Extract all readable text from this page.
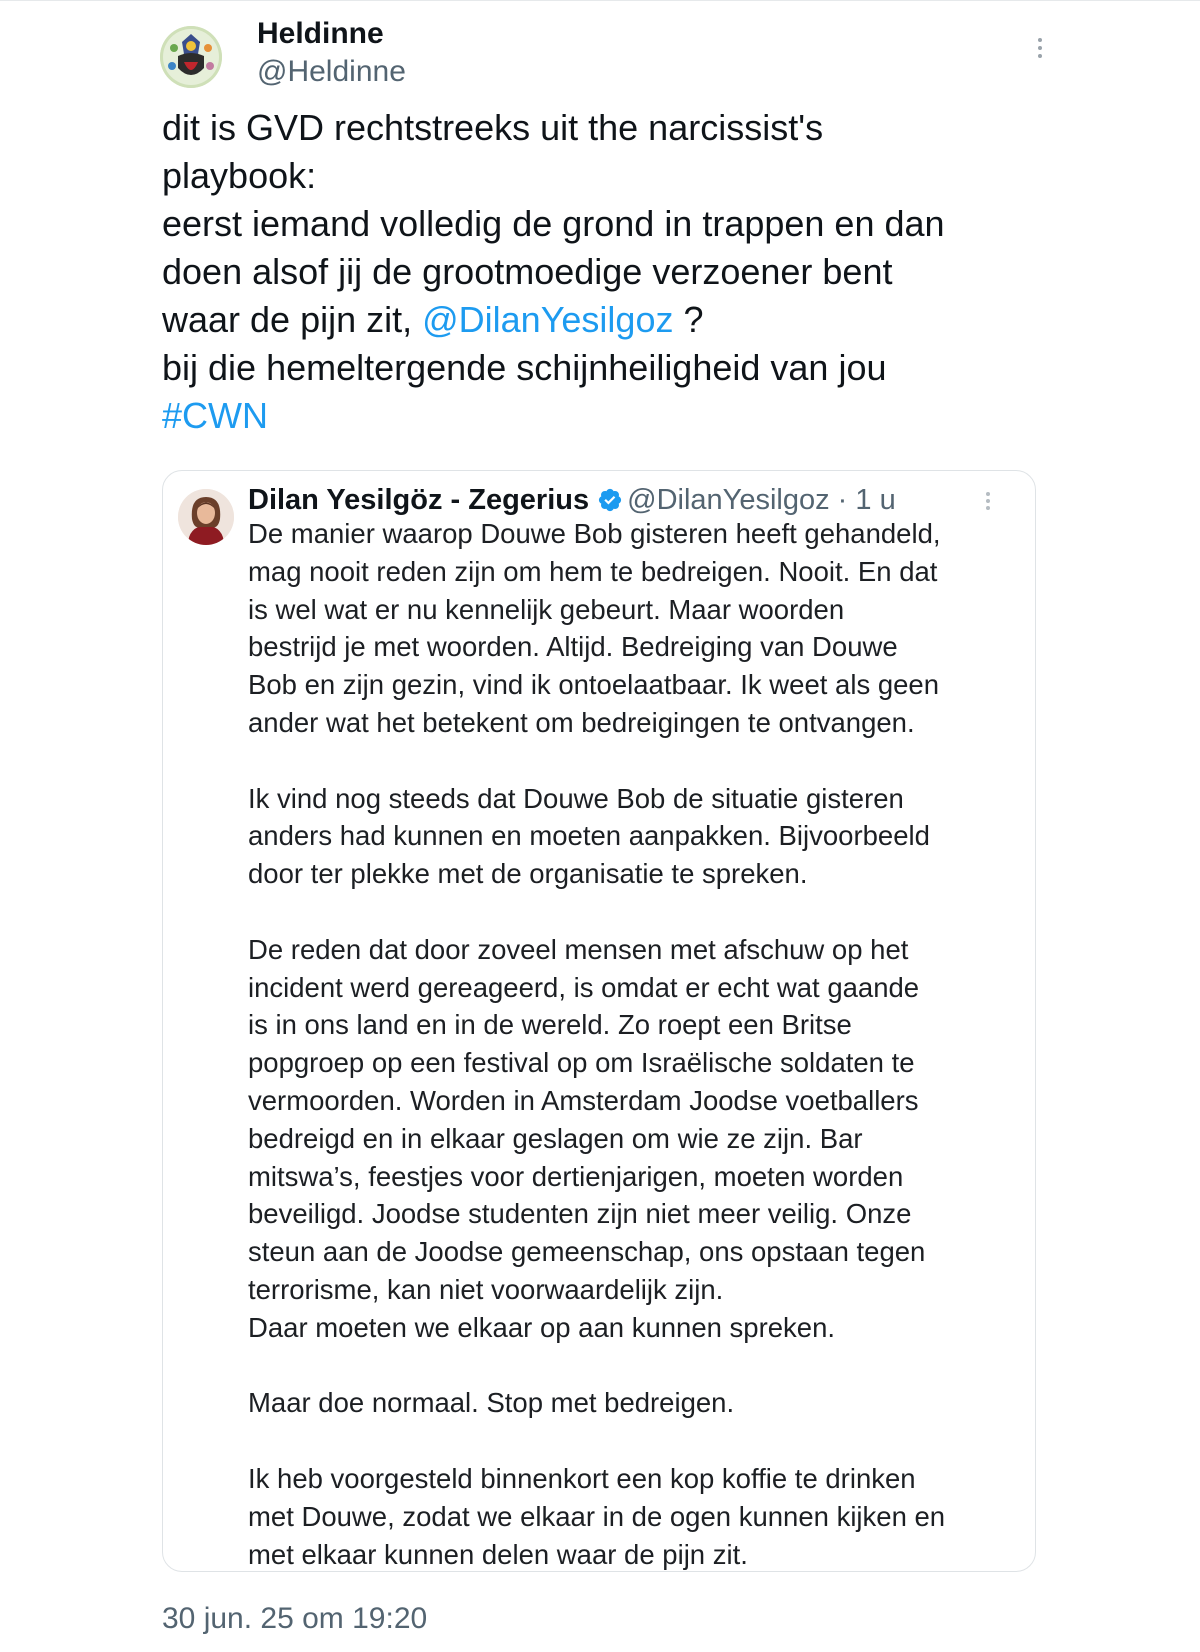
Heldinne
@Heldinne
dit is GVD rechtstreeks uit the narcissist's
playbook:
eerst iemand volledig de grond in trappen en dan
doen alsof jij de grootmoedige verzoener bent
waar de pijn zit, @DilanYesilgoz ?
bij die hemeltergende schijnheiligheid van jou
#CWN
Dilan Yesilgöz - Zegerius @DilanYesilgoz · 1 u
De manier waarop Douwe Bob gisteren heeft gehandeld,
mag nooit reden zijn om hem te bedreigen. Nooit. En dat
is wel wat er nu kennelijk gebeurt. Maar woorden
bestrijd je met woorden. Altijd. Bedreiging van Douwe
Bob en zijn gezin, vind ik ontoelaatbaar. Ik weet als geen
ander wat het betekent om bedreigingen te ontvangen.
Ik vind nog steeds dat Douwe Bob de situatie gisteren
anders had kunnen en moeten aanpakken. Bijvoorbeeld
door ter plekke met de organisatie te spreken.
De reden dat door zoveel mensen met afschuw op het
incident werd gereageerd, is omdat er echt wat gaande
is in ons land en in de wereld. Zo roept een Britse
popgroep op een festival op om Israëlische soldaten te
vermoorden. Worden in Amsterdam Joodse voetballers
bedreigd en in elkaar geslagen om wie ze zijn. Bar
mitswa’s, feestjes voor dertienjarigen, moeten worden
beveiligd. Joodse studenten zijn niet meer veilig. Onze
steun aan de Joodse gemeenschap, ons opstaan tegen
terrorisme, kan niet voorwaardelijk zijn.
Daar moeten we elkaar op aan kunnen spreken.
Maar doe normaal. Stop met bedreigen.
Ik heb voorgesteld binnenkort een kop koffie te drinken
met Douwe, zodat we elkaar in de ogen kunnen kijken en
met elkaar kunnen delen waar de pijn zit.
30 jun. 25 om 19:20
